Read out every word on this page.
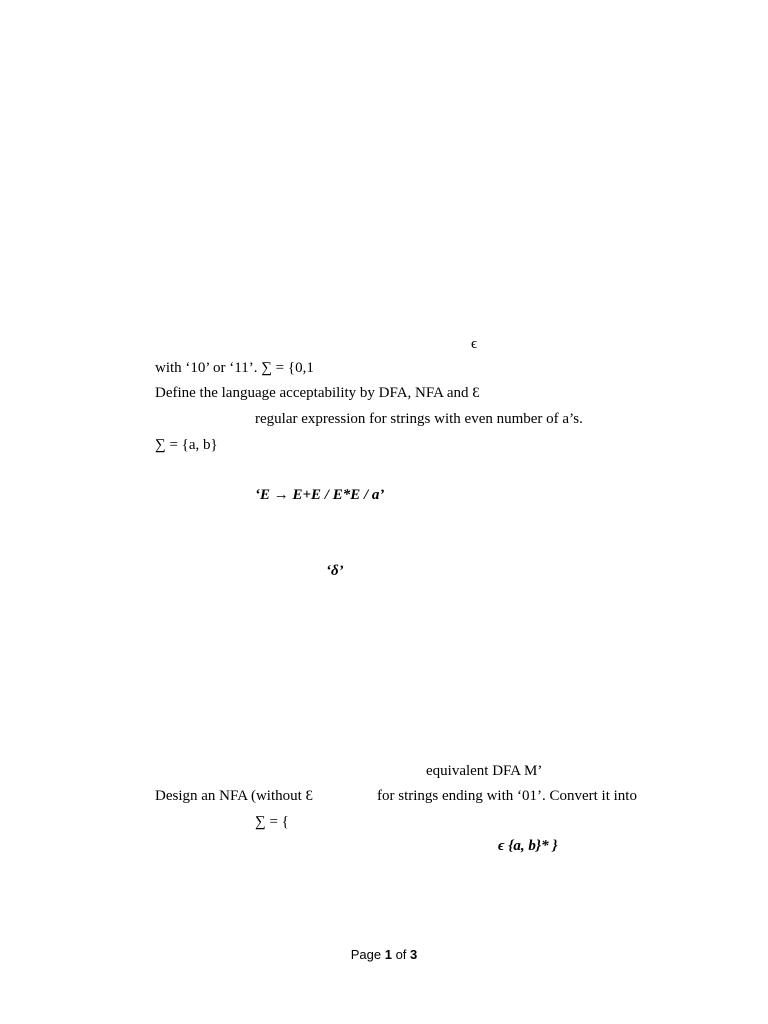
ϵ
with ‘10’ or ‘11’. ∑ = {0,1
Define the language acceptability by DFA, NFA and Ɛ
regular expression for strings with even number of a’s.
∑ = {a, b}
‘E → E+E / E*E / a’
‘δ’
equivalent DFA M’
Design an NFA (without Ɛ	for strings ending with ‘01’. Convert it into
∑ = {
ϵ {a, b}* }
Page 1 of 3
